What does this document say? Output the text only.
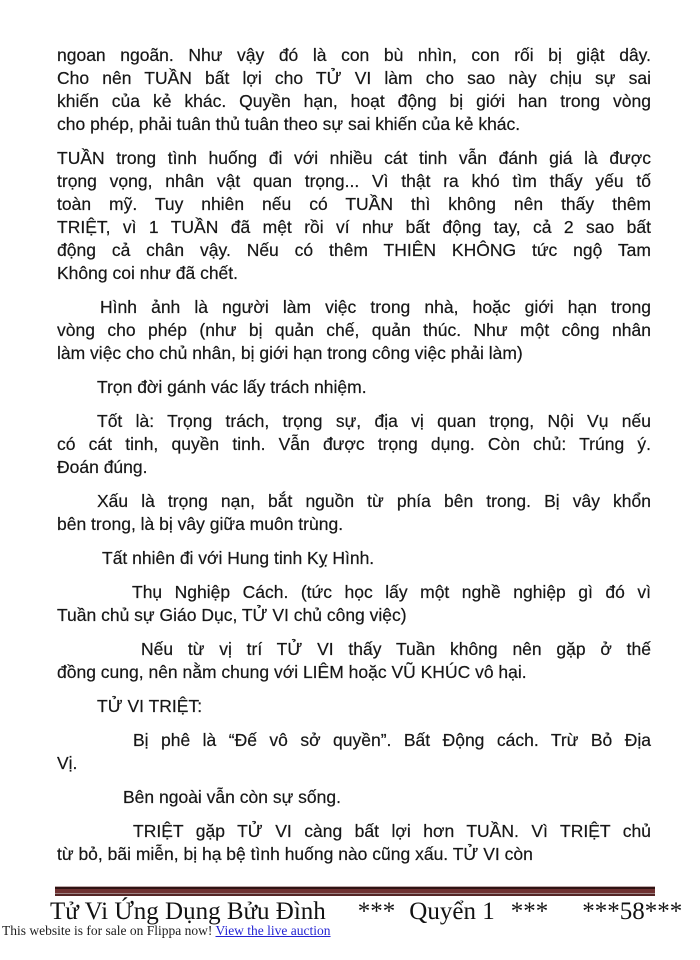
ngoan ngoãn. Như vậy đó là con bù nhìn, con rối bị giật dây.
Cho nên TUẦN bất lợi cho TỬ VI làm cho sao này chịu sự sai
khiến của kẻ khác. Quyền hạn, hoạt động bị giới han trong vòng
cho phép, phải tuân thủ tuân theo sự sai khiến của kẻ khác.

TUẦN trong tình huống đi với nhiều cát tinh vẫn đánh giá là được
trọng vọng, nhân vật quan trọng... Vì thật ra khó tìm thấy yếu tố
toàn mỹ. Tuy nhiên nếu có TUẦN thì không nên thấy thêm
TRIỆT, vì 1 TUẦN đã mệt rồi ví như bất động tay, cả 2 sao bất
động cả chân vậy. Nếu có thêm THIÊN KHÔNG tức ngộ Tam
Không coi như đã chết.

Hình ảnh là người làm việc trong nhà, hoặc giới hạn trong
vòng cho phép (như bị quản chế, quản thúc. Như một công nhân
làm việc cho chủ nhân, bị giới hạn trong công việc phải làm)

Trọn đời gánh vác lấy trách nhiệm.

Tốt là: Trọng trách, trọng sự, địa vị quan trọng, Nội Vụ nếu
có cát tinh, quyền tinh. Vẫn được trọng dụng. Còn chủ: Trúng ý.
Đoán đúng.

Xấu là trọng nạn, bắt nguồn từ phía bên trong. Bị vây khổn
bên trong, là bị vây giữa muôn trùng.

Tất nhiên đi với Hung tinh Kỵ Hình.

Thụ Nghiệp Cách. (tức học lấy một nghề nghiệp gì đó vì
Tuần chủ sự Giáo Dục, TỬ VI chủ công việc)

Nếu từ vị trí TỬ VI thấy Tuần không nên gặp ở thế
đồng cung, nên nằm chung với LIÊM hoặc VŨ KHÚC vô hại.

TỬ VI TRIỆT:

Bị phê là “Đế vô sở quyền”. Bất Động cách. Trừ Bỏ Địa
Vị.

Bên ngoài vẫn còn sự sống.

TRIỆT gặp TỬ VI càng bất lợi hơn TUẦN. Vì TRIỆT chủ
từ bỏ, bãi miễn, bị hạ bệ tình huống nào cũng xấu. TỬ VI còn

Tử Vi Ứng Dụng Bửu Đình *** Quyển 1 *** ***58***
This website is for sale on Flippa now! View the live auction
